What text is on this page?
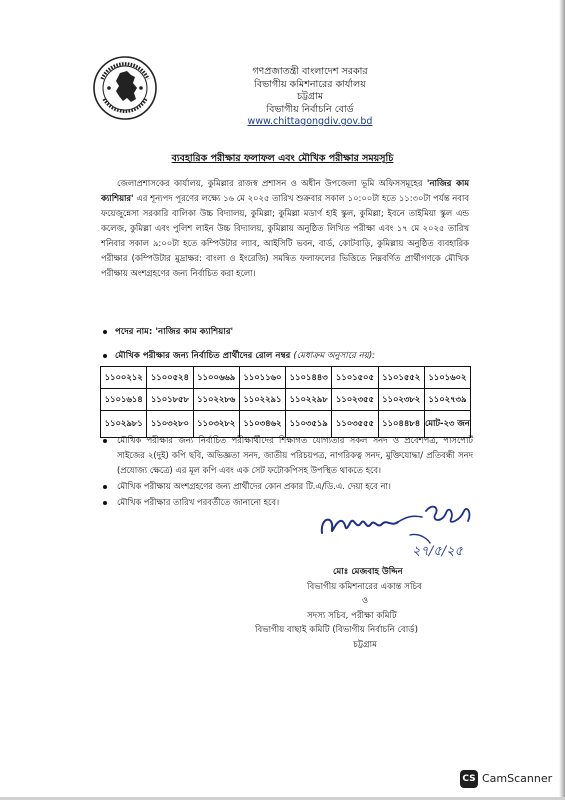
গণপ্রজাতন্ত্রী বাংলাদেশ সরকার
বিভাগীয় কমিশনারের কার্যালয়
চট্টগ্রাম
বিভাগীয় নির্বাচনি বোর্ড
www.chittagongdiv.gov.bd
ব্যবহারিক পরীক্ষার ফলাফল এবং মৌখিক পরীক্ষার সময়সূচি
জেলাপ্রশাসকের কার্যালয়, কুমিল্লার রাজস্ব প্রশাসন ও অধীন উপজেলা ভূমি অফিসসমূহের 'নাজির কাম ক্যাশিয়ার' এর শূন্যপদ পূরণের লক্ষ্যে ১৬ মে ২০২৫ তারিখ শুক্রবার সকাল ১০:০০টা হতে ১১:৩০টা পর্যন্ত নবাব ফয়েজুন্নেসা সরকারি বালিকা উচ্চ বিদ্যালয়, কুমিল্লা; কুমিল্লা মডার্ণ হাই স্কুল, কুমিল্লা; ইবনে তাইমিয়া স্কুল এন্ড কলেজ, কুমিল্লা এবং পুলিশ লাইন উচ্চ বিদ্যালয়, কুমিল্লায় অনুষ্ঠিত লিখিত পরীক্ষা এবং ১৭ মে ২০২৫ তারিখ শনিবার সকাল ৯:০০টা হতে কম্পিউটার ল্যাব, আইসিটি ভবন, বার্ড, কোটবাড়ি, কুমিল্লায় অনুষ্ঠিত ব্যবহারিক পরীক্ষার (কম্পিউটার মুদ্রাক্ষর: বাংলা ও ইংরেজি) সমন্বিত ফলাফলের ভিত্তিতে নিম্নবর্ণিত প্রার্থীগণকে মৌখিক পরীক্ষায় অংশগ্রহণের জন্য নির্বাচিত করা হলো।
পদের নাম: 'নাজির কাম ক্যাশিয়ার'
মৌখিক পরীক্ষার জন্য নির্বাচিত প্রার্থীদের রোল নম্বর (মেধাক্রম অনুসারে নয়):
১১০০২১২	১১০০৫২৪	১১০০৬৬৯	১১০১১৬০	১১০১৪৪৩	১১০১৫০৫	১১০১৫৫২	১১০১৬০২
১১০১৬১৪	১১০১৮৫৮	১১০২২৮৬	১১০২২৯১	১১০২২৯৮	১১০২৩৫৫	১১০২৩৮২	১১০২৭৩৯
১১০২৯৮১	১১০৩২৮০	১১০৩২৮২	১১০৩৪৬২	১১০৩৫১৯	১১০৩৫৫৫	১১০৪৪৮৪	মোট-২৩ জন
মৌখিক পরীক্ষার জন্য নির্বাচিত পরীক্ষার্থীদের শিক্ষাগত যোগ্যতার সকল সনদ ও প্রবেশপত্র, পাসপোর্ট সাইজের ২(দুই) কপি ছবি, অভিজ্ঞতা সনদ, জাতীয় পরিচয়পত্র, নাগরিকত্ব সনদ, মুক্তিযোদ্ধা/ প্রতিবন্ধী সনদ (প্রযোজ্য ক্ষেত্রে) এর মূল কপি এবং এক সেট ফটোকপিসহ উপস্থিত থাকতে হবে।
মৌখিক পরীক্ষায় অংশগ্রহণের জন্য প্রার্থীদের কোন প্রকার টি.এ/ডি.এ. দেয়া হবে না।
মৌখিক পরীক্ষার তারিখ পরবর্তীতে জানানো হবে।
২৭/৫/২৫
মোঃ মেজবাহ উদ্দিন
বিভাগীয় কমিশনারের একান্ত সচিব
ও
সদস্য সচিব, পরীক্ষা কমিটি
বিভাগীয় বাছাই কমিটি (বিভাগীয় নির্বাচনি বোর্ড)
চট্টগ্রাম
CS CamScanner
